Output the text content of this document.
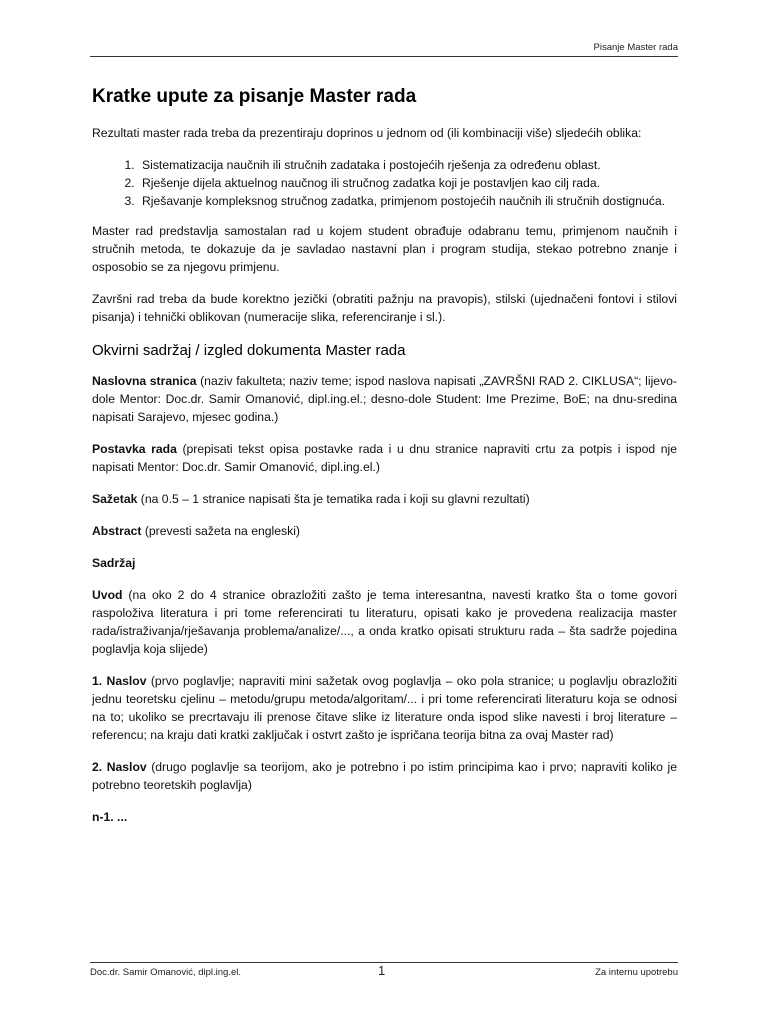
Pisanje Master rada
Kratke upute za pisanje Master rada

Rezultati master rada treba da prezentiraju doprinos u jednom od (ili kombinaciji više) sljedećih oblika:

1. Sistematizacija naučnih ili stručnih zadataka i postojećih rješenja za određenu oblast.
2. Rješenje dijela aktuelnog naučnog ili stručnog zadatka koji je postavljen kao cilj rada.
3. Rješavanje kompleksnog stručnog zadatka, primjenom postojećih naučnih ili stručnih dostignuća.

Master rad predstavlja samostalan rad u kojem student obrađuje odabranu temu, primjenom naučnih i stručnih metoda, te dokazuje da je savladao nastavni plan i program studija, stekao potrebno znanje i osposobio se za njegovu primjenu.

Završni rad treba da bude korektno jezički (obratiti pažnju na pravopis), stilski (ujednačeni fontovi i stilovi pisanja) i tehnički oblikovan (numeracije slika, referenciranje i sl.).

Okvirni sadržaj / izgled dokumenta Master rada

Naslovna stranica (naziv fakulteta; naziv teme; ispod naslova napisati „ZAVRŠNI RAD 2. CIKLUSA“; lijevo-dole Mentor: Doc.dr. Samir Omanović, dipl.ing.el.; desno-dole Student: Ime Prezime, BoE; na dnu-sredina napisati Sarajevo, mjesec godina.)

Postavka rada (prepisati tekst opisa postavke rada i u dnu stranice napraviti crtu za potpis i ispod nje napisati Mentor: Doc.dr. Samir Omanović, dipl.ing.el.)

Sažetak (na 0.5 – 1 stranice napisati šta je tematika rada i koji su glavni rezultati)

Abstract (prevesti sažeta na engleski)

Sadržaj

Uvod (na oko 2 do 4 stranice obrazložiti zašto je tema interesantna, navesti kratko šta o tome govori raspoloživa literatura i pri tome referencirati tu literaturu, opisati kako je provedena realizacija master rada/istraživanja/rješavanja problema/analize/..., a onda kratko opisati strukturu rada – šta sadrže pojedina poglavlja koja slijede)

1. Naslov (prvo poglavlje; napraviti mini sažetak ovog poglavlja – oko pola stranice; u poglavlju obrazložiti jednu teoretsku cjelinu – metodu/grupu metoda/algoritam/... i pri tome referencirati literaturu koja se odnosi na to; ukoliko se precrtavaju ili prenose čitave slike iz literature onda ispod slike navesti i broj literature – referencu; na kraju dati kratki zaključak i ostvrt zašto je ispričana teorija bitna za ovaj Master rad)

2. Naslov (drugo poglavlje sa teorijom, ako je potrebno i po istim principima kao i prvo; napraviti koliko je potrebno teoretskih poglavlja)

n-1. ...

Doc.dr. Samir Omanović, dipl.ing.el.	1	Za internu upotrebu
